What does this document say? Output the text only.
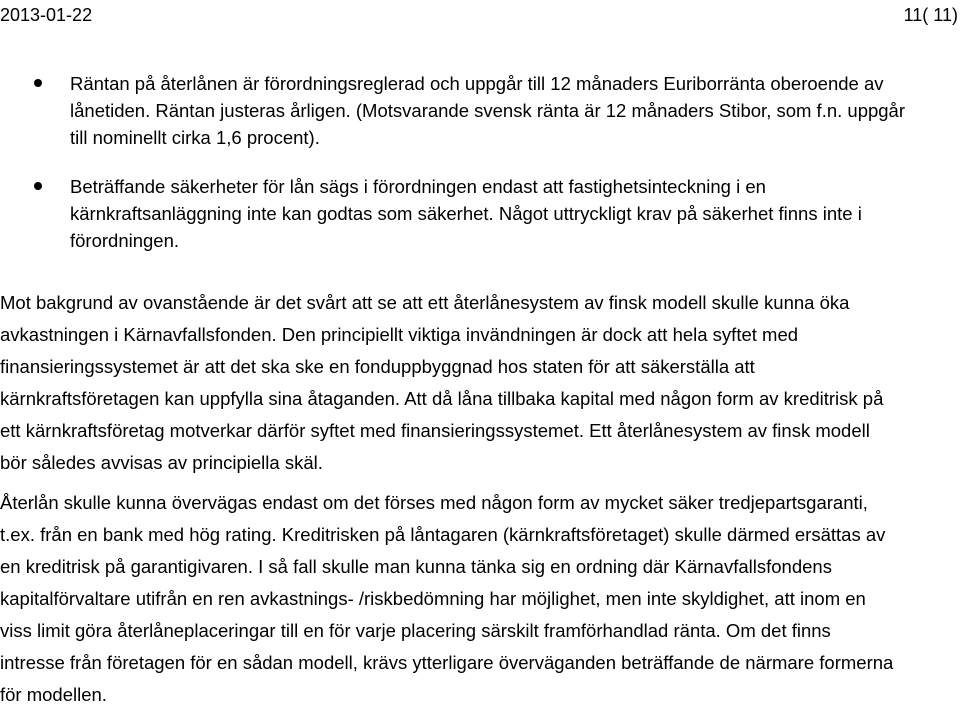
2013-01-22	11( 11)
Räntan på återlånen är förordningsreglerad och uppgår till 12 månaders Euriborränta oberoende av lånetiden. Räntan justeras årligen. (Motsvarande svensk ränta är 12 månaders Stibor, som f.n. uppgår till nominellt cirka 1,6 procent).
Beträffande säkerheter för lån sägs i förordningen endast att fastighetsinteckning i en kärnkraftsanläggning inte kan godtas som säkerhet. Något uttryckligt krav på säkerhet finns inte i förordningen.

Mot bakgrund av ovanstående är det svårt att se att ett återlånesystem av finsk modell skulle kunna öka avkastningen i Kärnavfallsfonden. Den principiellt viktiga invändningen är dock att hela syftet med finansieringssystemet är att det ska ske en fonduppbyggnad hos staten för att säkerställa att kärnkraftsföretagen kan uppfylla sina åtaganden. Att då låna tillbaka kapital med någon form av kreditrisk på ett kärnkraftsföretag motverkar därför syftet med finansieringssystemet. Ett återlånesystem av finsk modell bör således avvisas av principiella skäl.

Återlån skulle kunna övervägas endast om det förses med någon form av mycket säker tredjepartsgaranti, t.ex. från en bank med hög rating. Kreditrisken på låntagaren (kärnkraftsföretaget) skulle därmed ersättas av en kreditrisk på garantigivaren. I så fall skulle man kunna tänka sig en ordning där Kärnavfallsfondens kapitalförvaltare utifrån en ren avkastnings- /riskbedömning har möjlighet, men inte skyldighet, att inom en viss limit göra återlåneplaceringar till en för varje placering särskilt framförhandlad ränta. Om det finns intresse från företagen för en sådan modell, krävs ytterligare överväganden beträffande de närmare formerna för modellen.
